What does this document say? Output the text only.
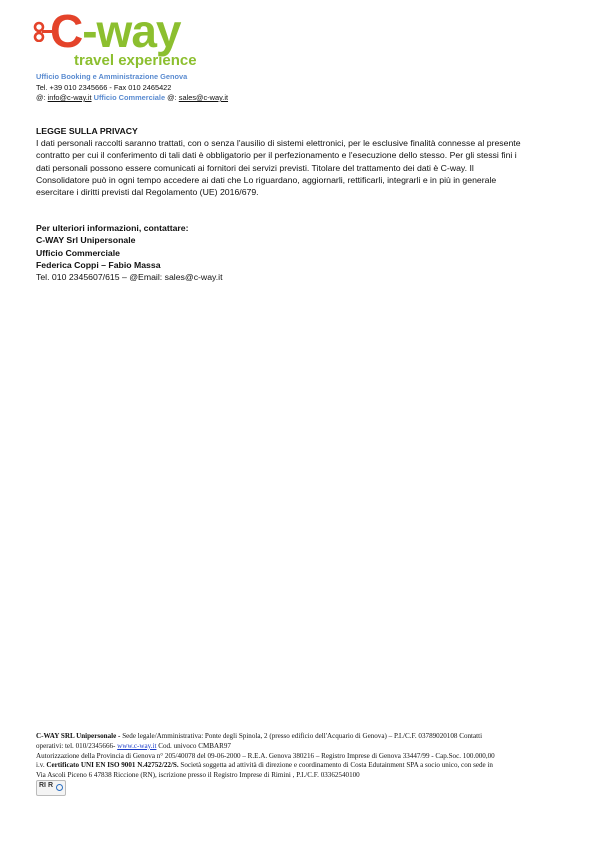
C-way
travel experience
Ufficio Booking e Amministrazione Genova
Tel. +39 010 2345666 - Fax 010 2465422
@: info@c-way.it Ufficio Commerciale @: sales@c-way.it
LEGGE SULLA PRIVACY
I dati personali raccolti saranno trattati, con o senza l'ausilio di sistemi elettronici, per le esclusive finalità connesse al presente
contratto per cui il conferimento di tali dati è obbligatorio per il perfezionamento e l'esecuzione dello stesso. Per gli stessi fini i
dati personali possono essere comunicati ai fornitori dei servizi previsti. Titolare del trattamento dei dati è C-way. Il
Consolidatore può in ogni tempo accedere ai dati che Lo riguardano, aggiornarli, rettificarli, integrarli e in più in generale
esercitare i diritti previsti dal Regolamento (UE) 2016/679.
Per ulteriori informazioni, contattare:
C-WAY Srl Unipersonale
Ufficio Commerciale
Federica Coppi – Fabio Massa
Tel. 010 2345607/615 – @Email: sales@c-way.it
C-WAY SRL Unipersonale - Sede legale/Amministrativa: Ponte degli Spinola, 2 (presso edificio dell'Acquario di Genova) – P.I./C.F. 03789020108 Contatti
operativi: tel. 010/2345666- www.c-way.it Cod. univoco CMBAR97
Autorizzazione della Provincia di Genova n° 205/40078 del 09-06-2000 – R.E.A. Genova 380216 – Registro Imprese di Genova 33447/99 - Cap.Soc. 100.000,00
i.v. Certificato UNI EN ISO 9001 N.42752/22/S. Società soggetta ad attività di direzione e coordinamento di Costa Edutainment SPA a socio unico, con sede in
Via Ascoli Piceno 6 47838 Riccione (RN), iscrizione presso il Registro Imprese di Rimini , P.I./C.F. 03362540100
RI R
